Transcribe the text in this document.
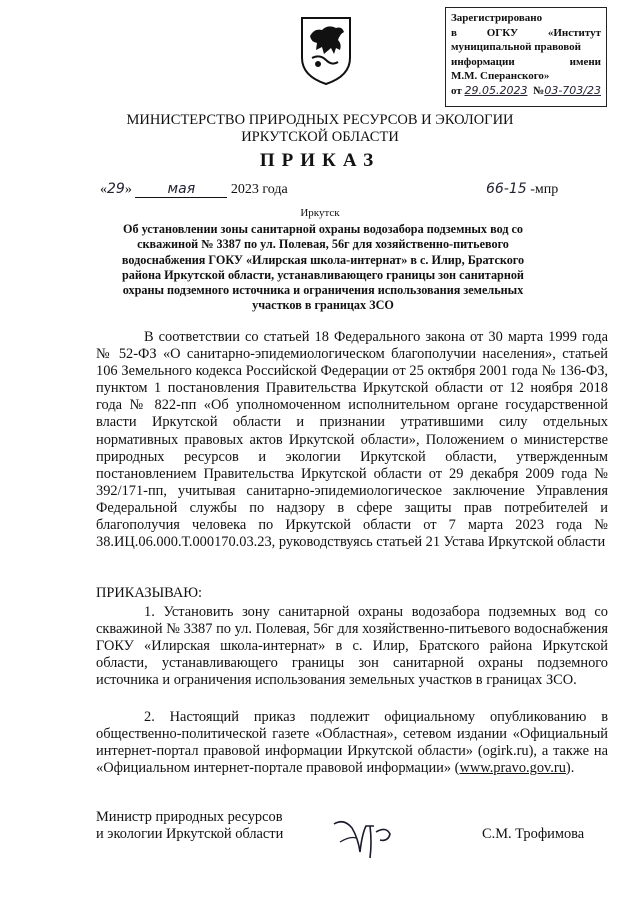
Зарегистрировано
в	ОГКУ	«Институт
муниципальной правовой
информации	имени
М.М. Сперанского»
от 29.05.2023 №03-703/23
МИНИСТЕРСТВО ПРИРОДНЫХ РЕСУРСОВ И ЭКОЛОГИИ
ИРКУТСКОЙ ОБЛАСТИ
ПРИКАЗ
«29» мая	2023 года	66-15 -мпр
Иркутск
Об установлении зоны санитарной охраны водозабора подземных вод со скважиной № 3387 по ул. Полевая, 56г для хозяйственно-питьевого водоснабжения ГОКУ «Илирская школа-интернат» в с. Илир, Братского района Иркутской области, устанавливающего границы зон санитарной охраны подземного источника и ограничения использования земельных участков в границах ЗСО
В соответствии со статьей 18 Федерального закона от 30 марта 1999 года № 52-ФЗ «О санитарно-эпидемиологическом благополучии населения», статьей 106 Земельного кодекса Российской Федерации от 25 октября 2001 года № 136-ФЗ, пунктом 1 постановления Правительства Иркутской области от 12 ноября 2018 года № 822-пп «Об уполномоченном исполнительном органе государственной власти Иркутской области и признании утратившими силу отдельных нормативных правовых актов Иркутской области», Положением о министерстве природных ресурсов и экологии Иркутской области, утвержденным постановлением Правительства Иркутской области от 29 декабря 2009 года № 392/171-пп, учитывая санитарно-эпидемиологическое заключение Управления Федеральной службы по надзору в сфере защиты прав потребителей и благополучия человека по Иркутской области от 7 марта 2023 года № 38.ИЦ.06.000.Т.000170.03.23, руководствуясь статьей 21 Устава Иркутской области
ПРИКАЗЫВАЮ:
1. Установить зону санитарной охраны водозабора подземных вод со скважиной № 3387 по ул. Полевая, 56г для хозяйственно-питьевого водоснабжения ГОКУ «Илирская школа-интернат» в с. Илир, Братского района Иркутской области, устанавливающего границы зон санитарной охраны подземного источника и ограничения использования земельных участков в границах ЗСО.
2. Настоящий приказ подлежит официальному опубликованию в общественно-политической газете «Областная», сетевом издании «Официальный интернет-портал правовой информации Иркутской области» (ogirk.ru), а также на «Официальном интернет-портале правовой информации» (www.pravo.gov.ru).
Министр природных ресурсов
и экологии Иркутской области	С.М. Трофимова
